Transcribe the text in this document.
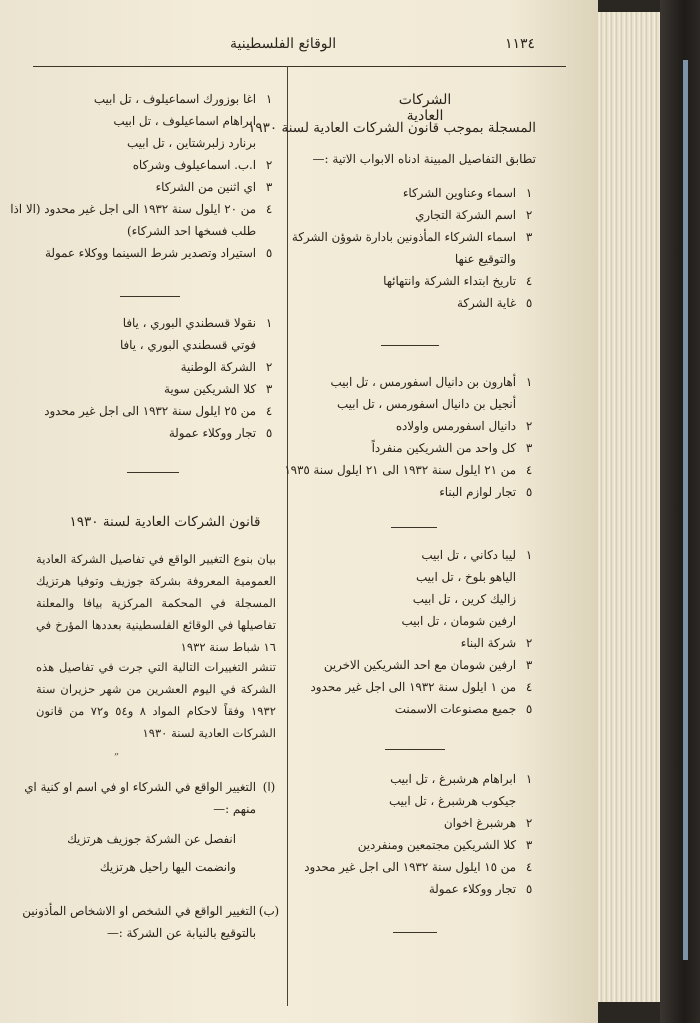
١١٣٤
الوقائع الفلسطينية
الشركات العادية
المسجلة بموجب قانون الشركات العادية لسنة ١٩٣٠
تطابق التفاصيل المبينة ادناه الابواب الاتية :—
١
اسماء وعناوين الشركاء
٢
اسم الشركة التجاري
٣
اسماء الشركاء المأذونين بادارة شوؤن الشركة
والتوقيع عنها
٤
تاريخ ابتداء الشركة وانتهائها
٥
غاية الشركة
١
أهارون بن دانيال اسفورمس ، تل ابيب
أنجيل بن دانيال اسفورمس ، تل ابيب
٢
دانيال اسفورمس واولاده
٣
كل واحد من الشريكين منفرداً
٤
من ٢١ ايلول سنة ١٩٣٢ الى ٢١ ايلول سنة ١٩٣٥
٥
تجار لوازم البناء
١
ليبا دكاني ، تل ابيب
الياهو بلوخ ، تل ابيب
زاليك كرين ، تل ابيب
ارفين شومان ، تل ابيب
٢
شركة البناء
٣
ارفين شومان مع احد الشريكين الاخرين
٤
من ١ ايلول سنة ١٩٣٢ الى اجل غير محدود
٥
جميع مصنوعات الاسمنت
١
ابراهام هرشبرغ ، تل ابيب
جيكوب هرشبرغ ، تل ابيب
٢
هرشبرغ اخوان
٣
كلا الشريكين مجتمعين ومنفردين
٤
من ١٥ ايلول سنة ١٩٣٢ الى اجل غير محدود
٥
تجار ووكلاء عمولة
١
اغا بوزورك اسماعيلوف ، تل ابيب
ابراهام اسماعيلوف ، تل ابيب
برنارد زلبرشتاين ، تل ابيب
٢
ا.ب. اسماعيلوف وشركاه
٣
اي اثنين من الشركاء
٤
من ٢٠ ايلول سنة ١٩٣٢ الى اجل غير محدود (الا اذا
طلب فسخها احد الشركاء)
٥
استيراد وتصدير شرط السينما ووكلاء عمولة
١
نقولا قسطندي البوري ، يافا
فوتي قسطندي البوري ، يافا
٢
الشركة الوطنية
٣
كلا الشريكين سوية
٤
من ٢٥ ايلول سنة ١٩٣٢ الى اجل غير محدود
٥
تجار ووكلاء عمولة
قانون الشركات العادية لسنة ١٩٣٠
بيان بنوع التغيير الواقع في تفاصيل الشركة العادية العمومية المعروفة بشركة جوزيف وتوفيا هرتزيك المسجلة في المحكمة المركزية بيافا والمعلنة تفاصيلها في الوقائع الفلسطينية بعددها المؤرخ في ١٦ شباط سنة ١٩٣٢
تنشر التغييرات التالية التي جرت في تفاصيل هذه الشركة في اليوم العشرين من شهر حزيران سنة ١٩٣٢ وفقاً لاحكام المواد ٨ و٥٤ و٧٢ من قانون الشركات العادية لسنة ١٩٣٠
„
(ا)
التغيير الواقع في الشركاء او في اسم او كنية اي
منهم :—
انفصل عن الشركة جوزيف هرتزيك
وانضمت اليها راحيل هرتزيك
(ب)
التغيير الواقع في الشخص او الاشخاص المأذونين
بالتوقيع بالنيابة عن الشركة :—
